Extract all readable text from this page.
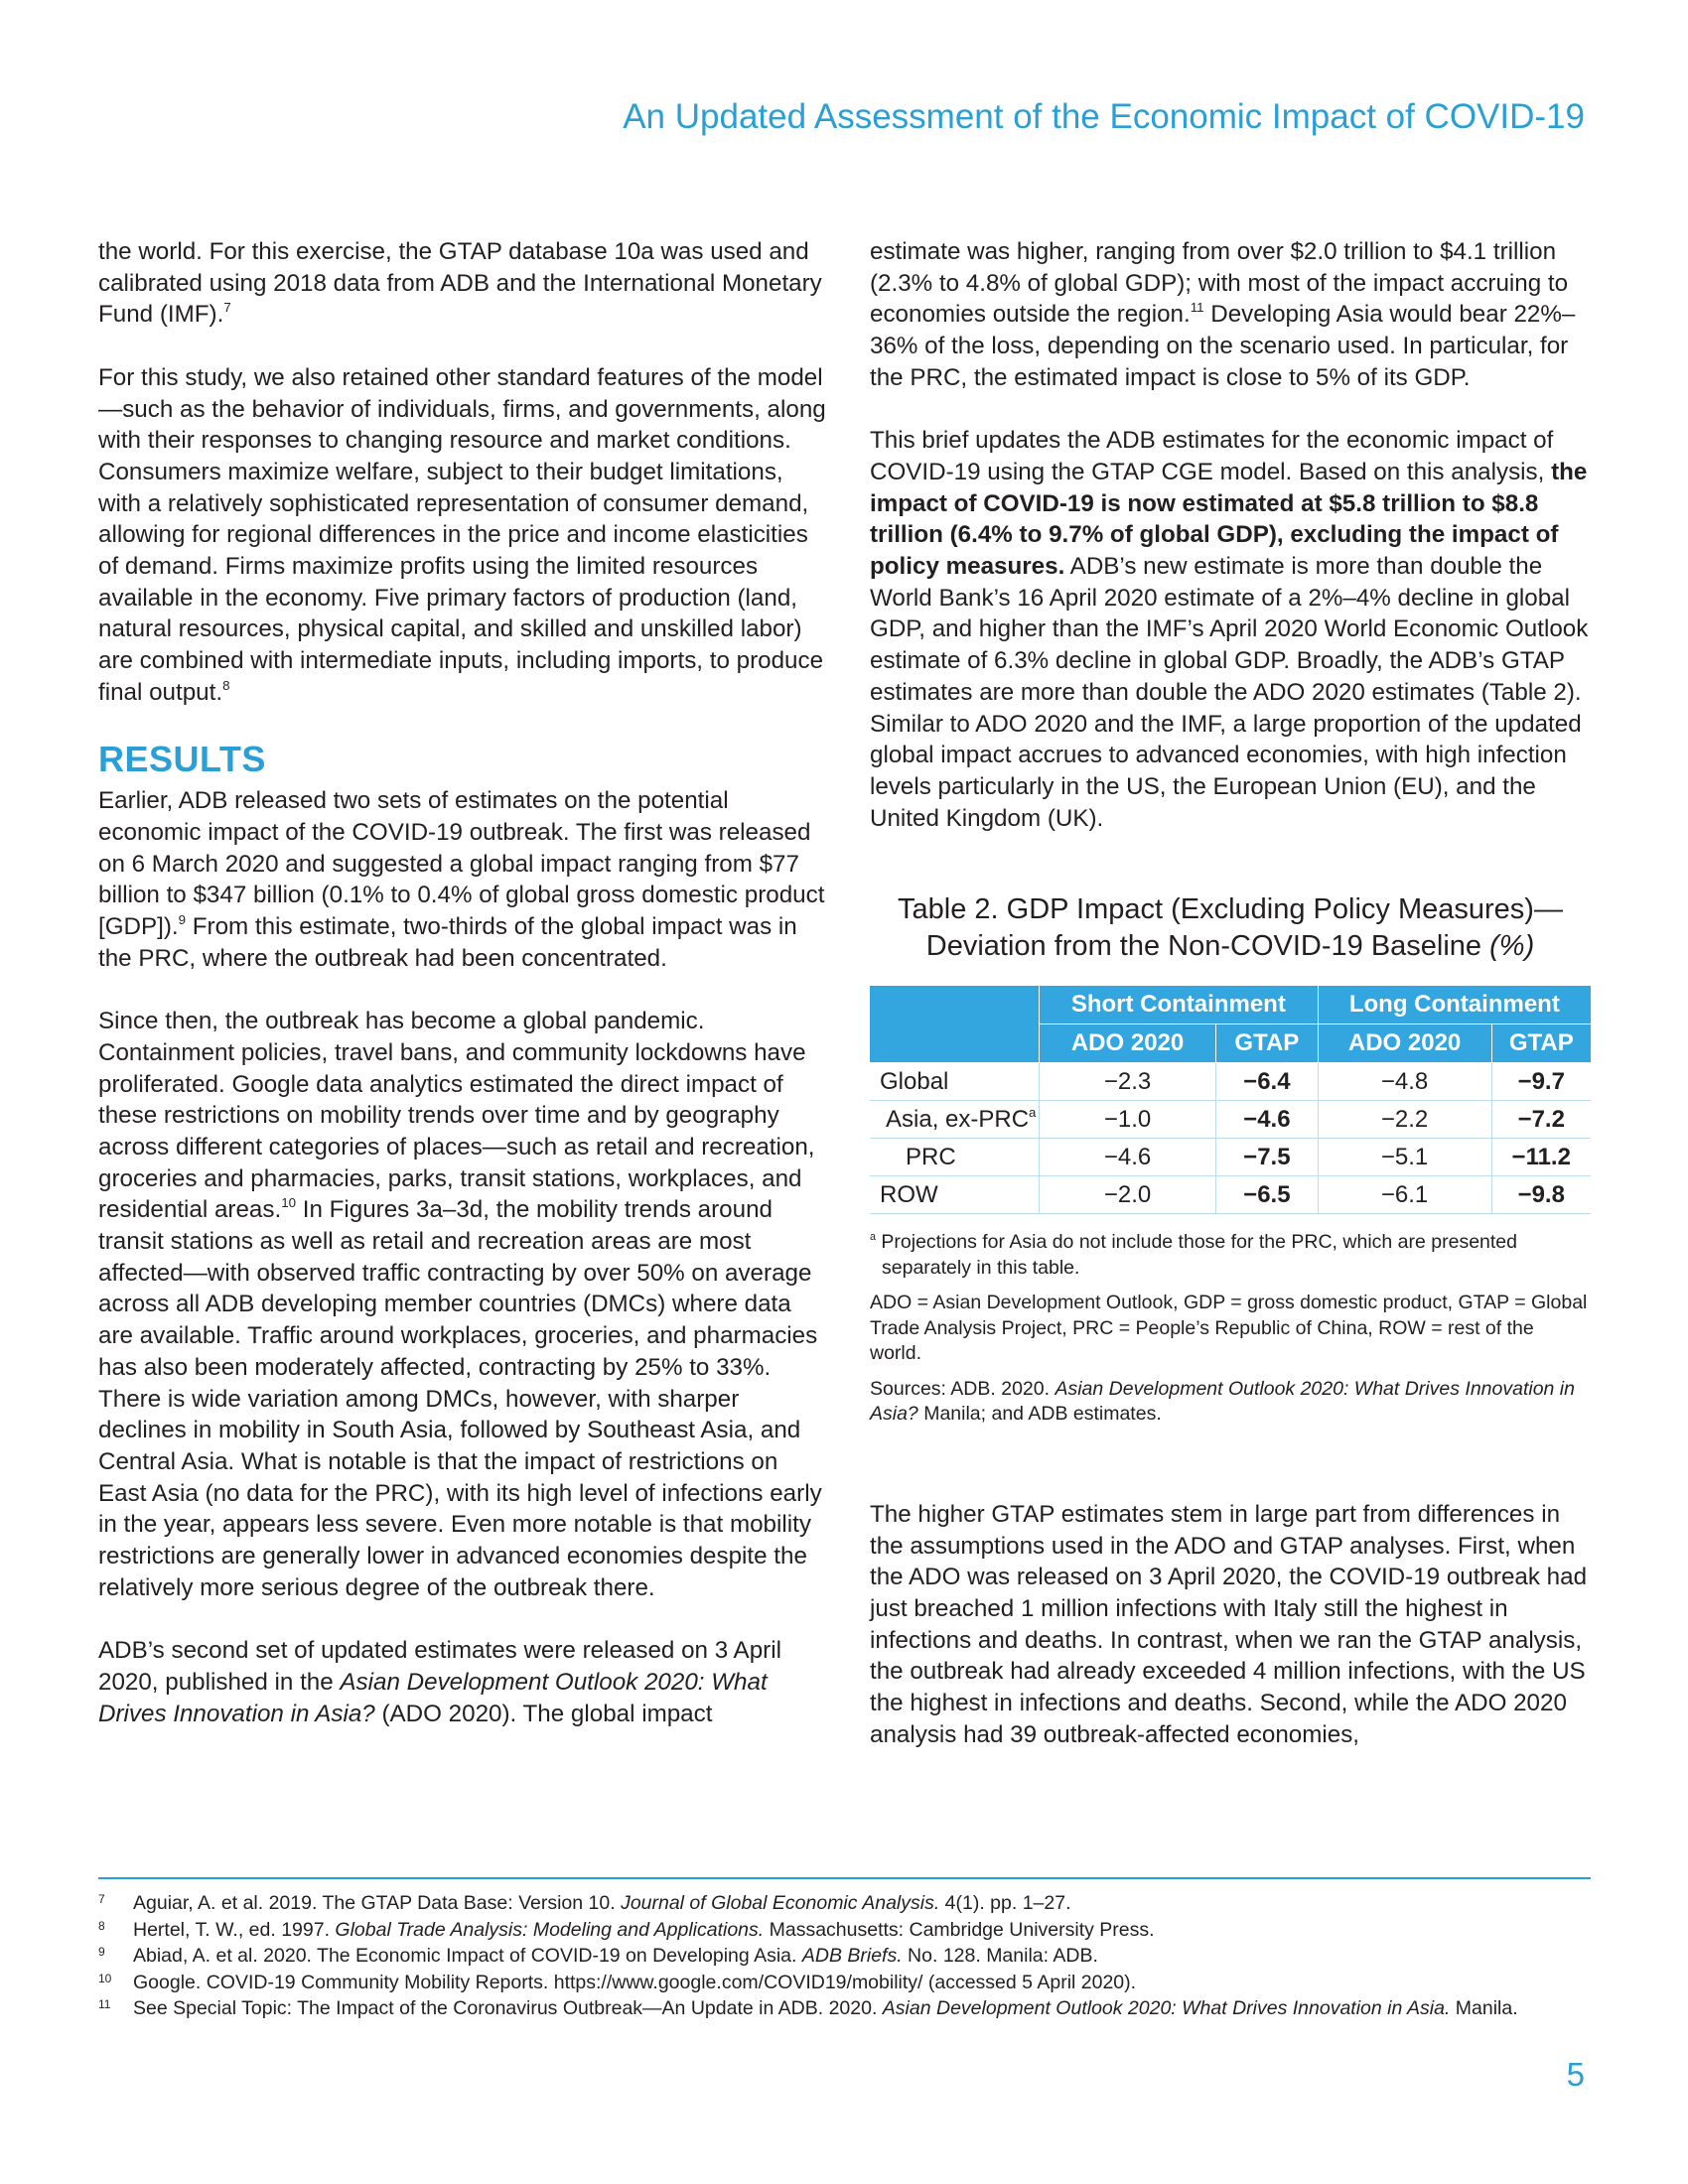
An Updated Assessment of the Economic Impact of COVID-19

the world. For this exercise, the GTAP database 10a was used and calibrated using 2018 data from ADB and the International Monetary Fund (IMF).$^7$

For this study, we also retained other standard features of the model—such as the behavior of individuals, firms, and governments, along with their responses to changing resource and market conditions. Consumers maximize welfare, subject to their budget limitations, with a relatively sophisticated representation of consumer demand, allowing for regional differences in the price and income elasticities of demand. Firms maximize profits using the limited resources available in the economy. Five primary factors of production (land, natural resources, physical capital, and skilled and unskilled labor) are combined with intermediate inputs, including imports, to produce final output.$^8$

RESULTS

Earlier, ADB released two sets of estimates on the potential economic impact of the COVID-19 outbreak. The first was released on 6 March 2020 and suggested a global impact ranging from $77 billion to $347 billion (0.1% to 0.4% of global gross domestic product [GDP]).$^9$ From this estimate, two-thirds of the global impact was in the PRC, where the outbreak had been concentrated.

Since then, the outbreak has become a global pandemic. Containment policies, travel bans, and community lockdowns have proliferated. Google data analytics estimated the direct impact of these restrictions on mobility trends over time and by geography across different categories of places—such as retail and recreation, groceries and pharmacies, parks, transit stations, workplaces, and residential areas.$^{10}$ In Figures 3a–3d, the mobility trends around transit stations as well as retail and recreation areas are most affected—with observed traffic contracting by over 50% on average across all ADB developing member countries (DMCs) where data are available. Traffic around workplaces, groceries, and pharmacies has also been moderately affected, contracting by 25% to 33%. There is wide variation among DMCs, however, with sharper declines in mobility in South Asia, followed by Southeast Asia, and Central Asia. What is notable is that the impact of restrictions on East Asia (no data for the PRC), with its high level of infections early in the year, appears less severe. Even more notable is that mobility restrictions are generally lower in advanced economies despite the relatively more serious degree of the outbreak there.

ADB’s second set of updated estimates were released on 3 April 2020, published in the Asian Development Outlook 2020: What Drives Innovation in Asia? (ADO 2020). The global impact

estimate was higher, ranging from over $2.0 trillion to $4.1 trillion (2.3% to 4.8% of global GDP); with most of the impact accruing to economies outside the region.$^{11}$ Developing Asia would bear 22%–36% of the loss, depending on the scenario used. In particular, for the PRC, the estimated impact is close to 5% of its GDP.

This brief updates the ADB estimates for the economic impact of COVID-19 using the GTAP CGE model. Based on this analysis, the impact of COVID-19 is now estimated at $5.8 trillion to $8.8 trillion (6.4% to 9.7% of global GDP), excluding the impact of policy measures. ADB’s new estimate is more than double the World Bank’s 16 April 2020 estimate of a 2%–4% decline in global GDP, and higher than the IMF’s April 2020 World Economic Outlook estimate of 6.3% decline in global GDP. Broadly, the ADB’s GTAP estimates are more than double the ADO 2020 estimates (Table 2). Similar to ADO 2020 and the IMF, a large proportion of the updated global impact accrues to advanced economies, with high infection levels particularly in the US, the European Union (EU), and the United Kingdom (UK).

Table 2. GDP Impact (Excluding Policy Measures)—
Deviation from the Non-COVID-19 Baseline (%)
	Short Containment		Long Containment	
	ADO 2020	GTAP	ADO 2020	GTAP
Global	−2.3	−6.4	−4.8	−9.7
Asia, $ex-PRC^a$	−1.0	−4.6	−2.2	−7.2
PRC	−4.6	−7.5	−5.1	−11.2
ROW	−2.0	−6.5	−6.1	−9.8

$^a$ Projections for Asia do not include those for the PRC, which are presented separately in this table.

ADO = Asian Development Outlook, GDP = gross domestic product, GTAP = Global Trade Analysis Project, PRC = People’s Republic of China, ROW = rest of the world.

Sources: ADB. 2020. Asian Development Outlook 2020: What Drives Innovation in Asia? Manila; and ADB estimates.

The higher GTAP estimates stem in large part from differences in the assumptions used in the ADO and GTAP analyses. First, when the ADO was released on 3 April 2020, the COVID-19 outbreak had just breached 1 million infections with Italy still the highest in infections and deaths. In contrast, when we ran the GTAP analysis, the outbreak had already exceeded 4 million infections, with the US the highest in infections and deaths. Second, while the ADO 2020 analysis had 39 outbreak-affected economies,

7	Aguiar, A. et al. 2019. The GTAP Data Base: Version 10. Journal of Global Economic Analysis. 4(1). pp. 1–27.
8	Hertel, T. W., ed. 1997. Global Trade Analysis: Modeling and Applications. Massachusetts: Cambridge University Press.
9	Abiad, A. et al. 2020. The Economic Impact of COVID-19 on Developing Asia. ADB Briefs. No. 128. Manila: ADB.
10	Google. COVID-19 Community Mobility Reports. https://www.google.com/COVID19/mobility/ (accessed 5 April 2020).
11	See Special Topic: The Impact of the Coronavirus Outbreak—An Update in ADB. 2020. Asian Development Outlook 2020: What Drives Innovation in Asia. Manila.
5
